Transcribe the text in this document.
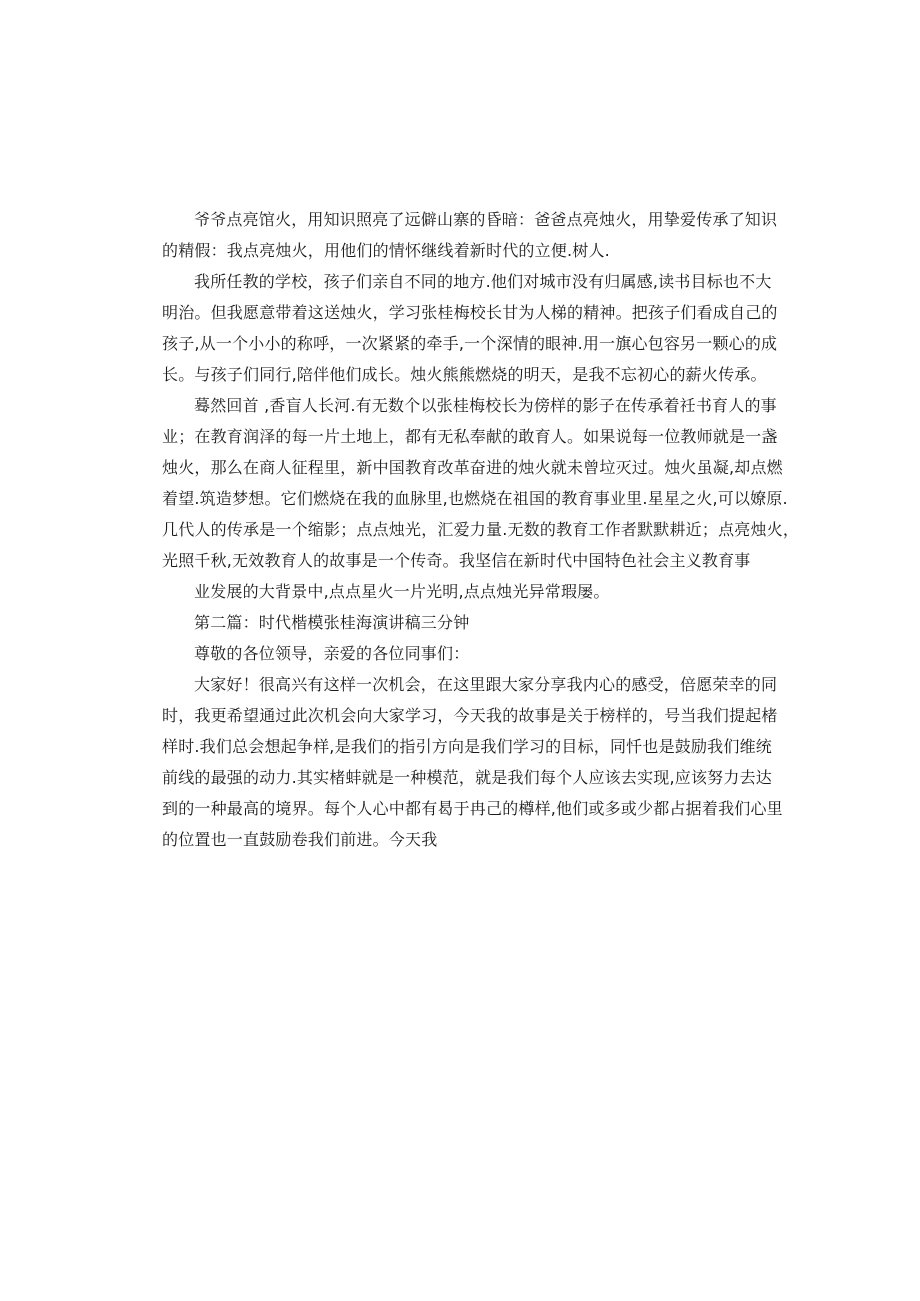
爷爷点亮馆火，用知识照亮了远僻山寨的昏暗：爸爸点亮烛火，用挚爱传承了知识
的精假：我点亮烛火，用他们的情怀继线着新时代的立便.树人.

我所任教的学校，孩子们亲自不同的地方.他们对城市没有归属感,读书目标也不大
明治。但我愿意带着这送烛火，学习张桂梅校长甘为人梯的精神。把孩子们看成自己的
孩子,从一个小小的称呼，一次紧紧的牵手,一个深情的眼神.用一旗心包容另一颗心的成
长。与孩子们同行,陪伴他们成长。烛火熊熊燃烧的明天，是我不忘初心的薪火传承。

蓦然回首 ,香盲人长河.有无数个以张桂梅校长为傍样的影子在传承着祍书育人的事
业；在教育润泽的每一片土地上，都有无私奉献的敢育人。如果说每一位教师就是一盏
烛火，那么在商人征程里，新中国教育改革奋进的烛火就未曾垃灭过。烛火虽凝,却点燃
着望.筑造梦想。它们燃烧在我的血脉里,也燃烧在祖国的教育事业里.星星之火,可以嫽原.
几代人的传承是一个缩影；点点烛光，汇爱力量.无数的教育工作者默默耕近；点亮烛火，
光照千秋,无效教育人的故事是一个传奇。我坚信在新时代中国特色社会主义教育事

业发展的大背景中,点点星火一片光明,点点烛光异常瑕屡。

第二篇：时代楷模张桂海演讲稿三分钟

尊敬的各位领导，亲爱的各位同事们：

大家好！很高兴有这样一次机会，在这里跟大家分享我内心的感受，倍愿荣幸的同
时，我更希望通过此次机会向大家学习，今天我的故事是关于榜样的，号当我们提起楮
样时.我们总会想起争样,是我们的指引方向是我们学习的目标，同忏也是鼓励我们维统
前线的最强的动力.其实楮蚌就是一种模范，就是我们每个人应该去实现,应该努力去达
到的一种最高的境界。每个人心中都有曷于冉己的樽样,他们或多或少都占据着我们心里
的位置也一直鼓励卷我们前进。今天我
